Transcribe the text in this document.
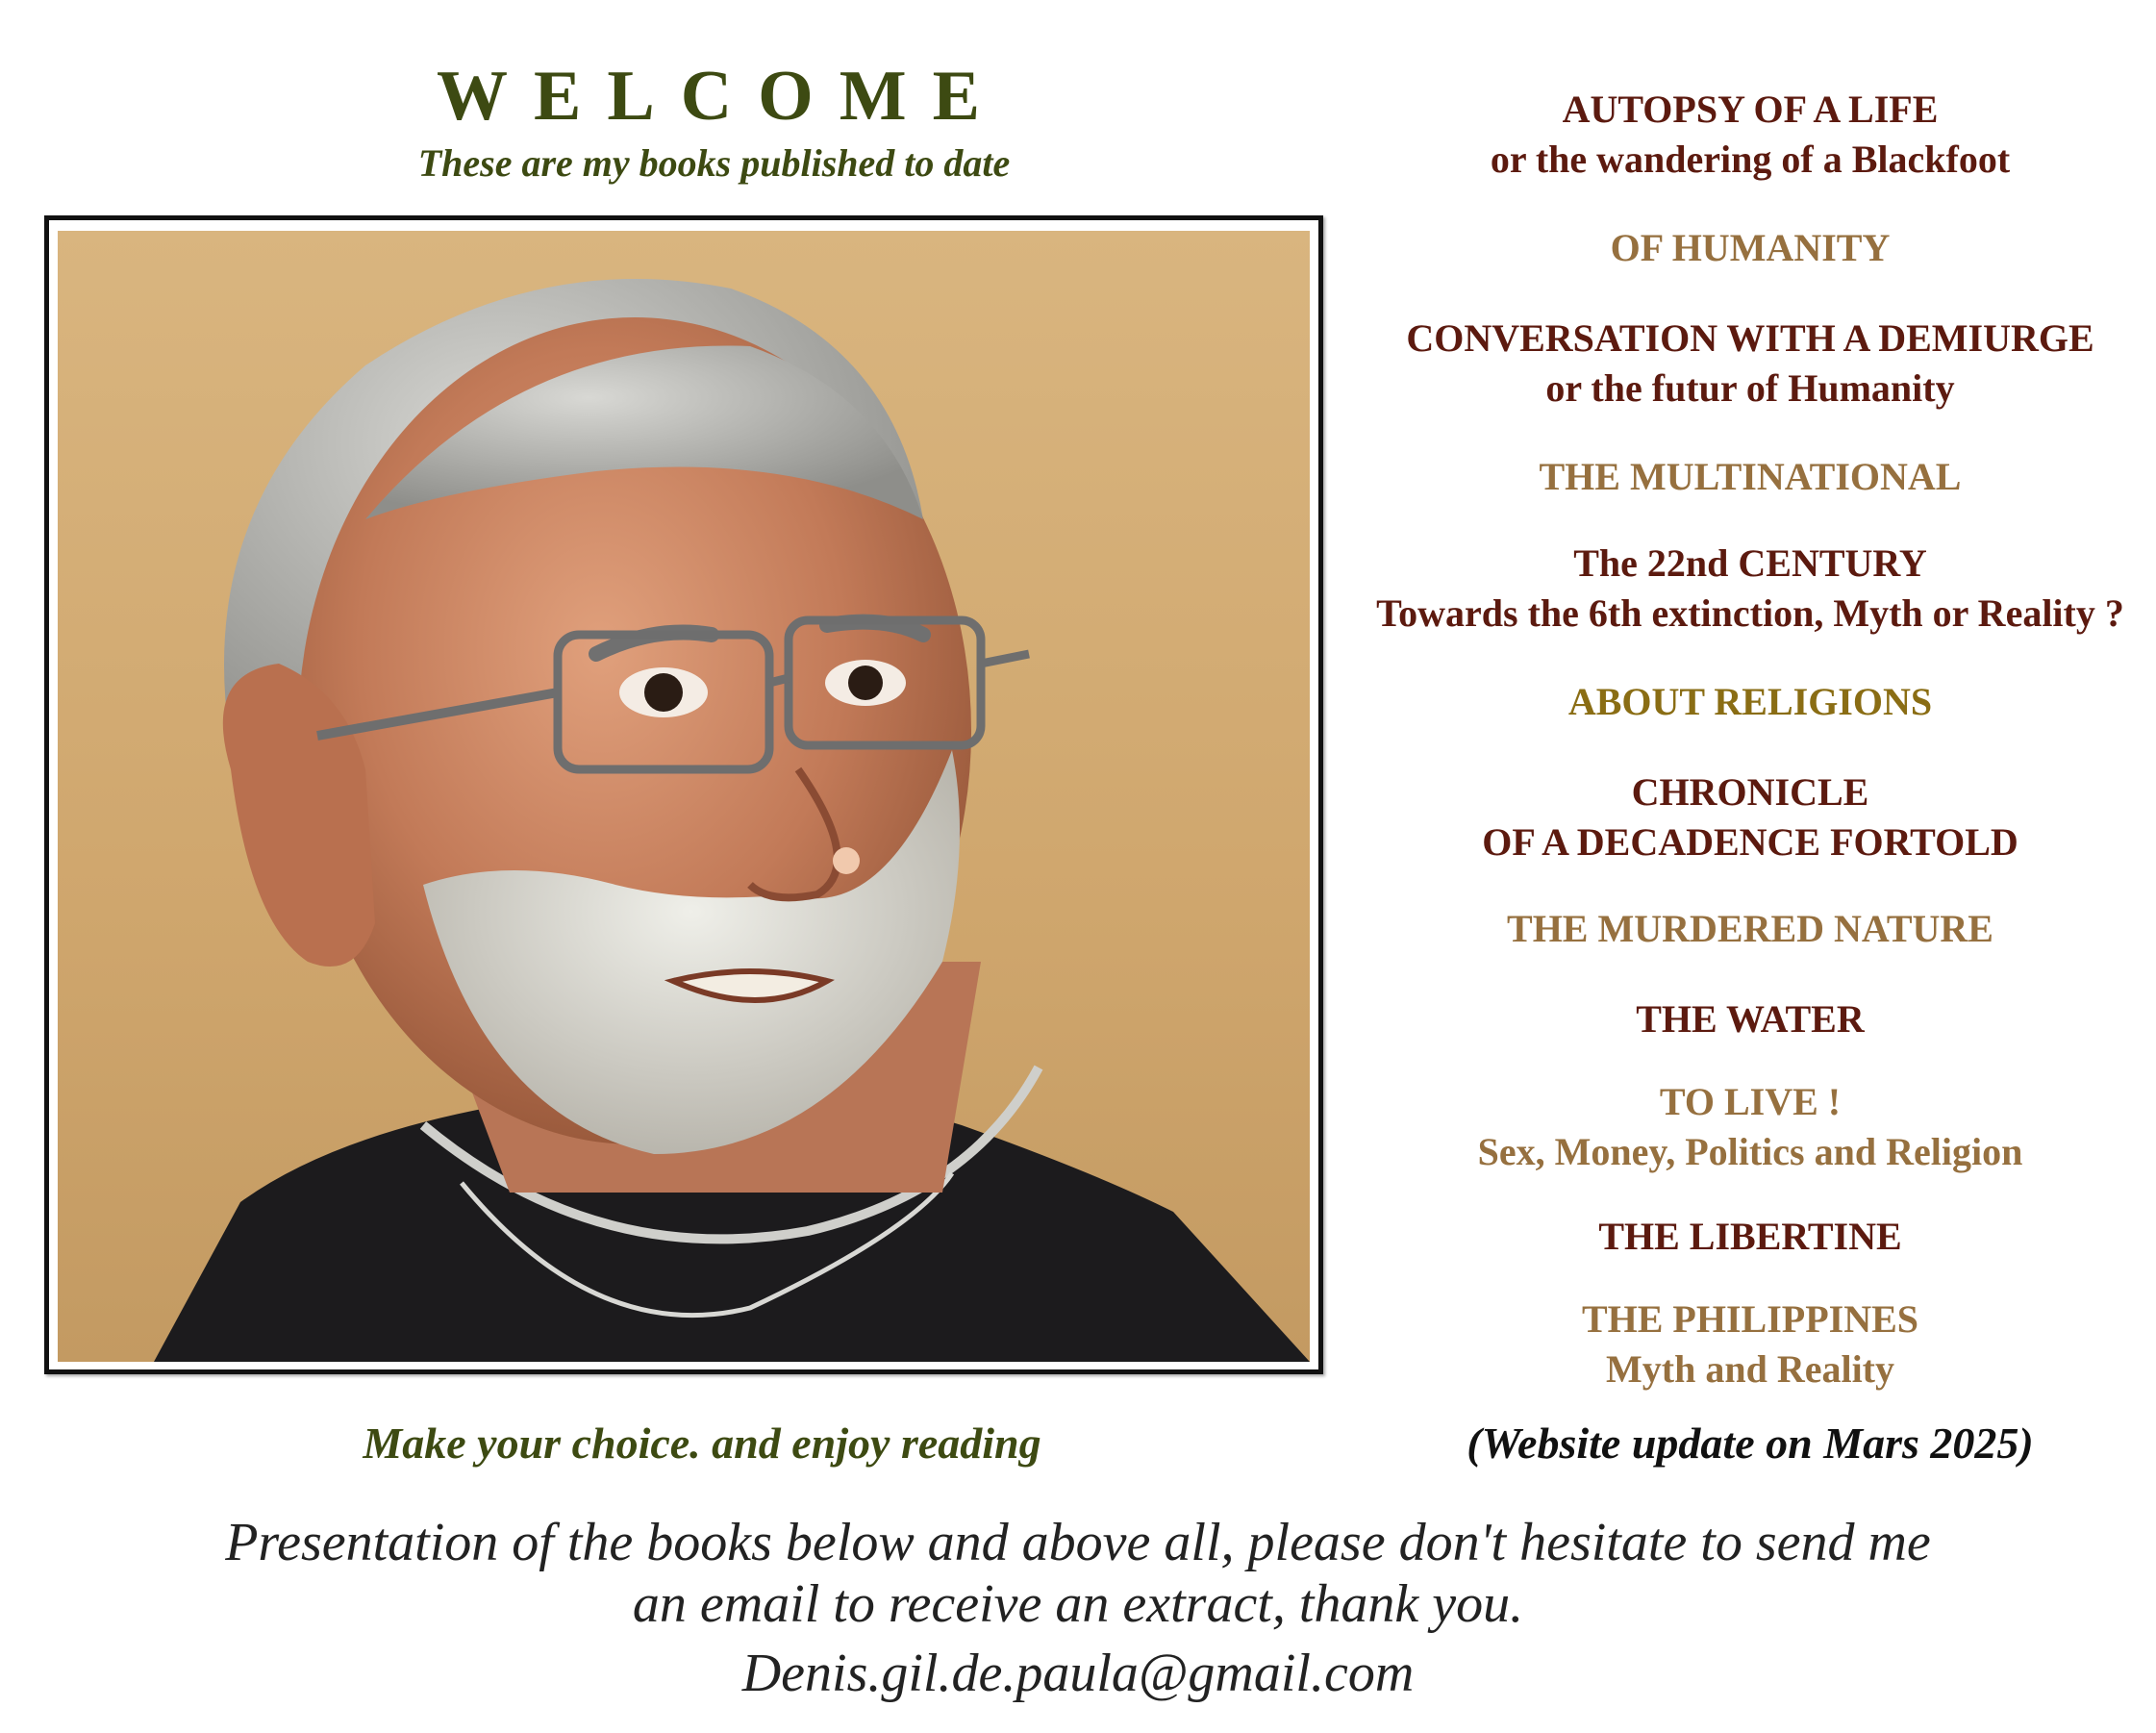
WELCOME
These are my books published to date
AUTOPSY OF A LIFE
or the wandering of a Blackfoot
OF HUMANITY
CONVERSATION WITH A DEMIURGE
or the futur of Humanity
THE MULTINATIONAL
The 22nd CENTURY
Towards the 6th extinction, Myth or Reality ?
ABOUT RELIGIONS
CHRONICLE
OF A DECADENCE FORTOLD
THE MURDERED NATURE
THE WATER
TO LIVE !
Sex, Money, Politics and Religion
THE LIBERTINE
THE PHILIPPINES
Myth and Reality
Make your choice. and enjoy reading	(Website update on Mars 2025)
Presentation of the books below and above all, please don't hesitate to send me
an email to receive an extract, thank you.
Denis.gil.de.paula@gmail.com
